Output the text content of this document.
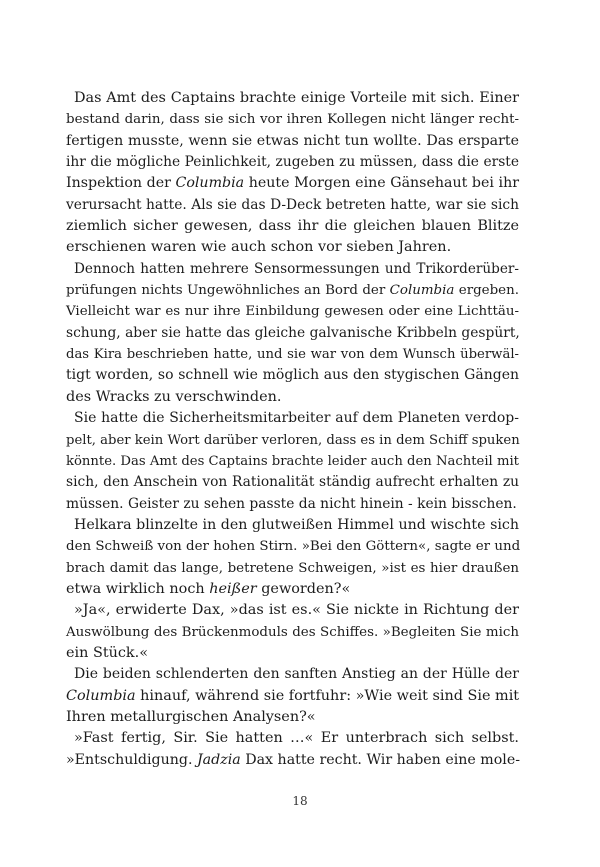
Das Amt des Captains brachte einige Vorteile mit sich. Einer
bestand darin, dass sie sich vor ihren Kollegen nicht länger recht-
fertigen musste, wenn sie etwas nicht tun wollte. Das ersparte
ihr die mögliche Peinlichkeit, zugeben zu müssen, dass die erste
Inspektion der Columbia heute Morgen eine Gänsehaut bei ihr
verursacht hatte. Als sie das D-Deck betreten hatte, war sie sich
ziemlich sicher gewesen, dass ihr die gleichen blauen Blitze
erschienen waren wie auch schon vor sieben Jahren.
Dennoch hatten mehrere Sensormessungen und Trikorderüber-
prüfungen nichts Ungewöhnliches an Bord der Columbia ergeben.
Vielleicht war es nur ihre Einbildung gewesen oder eine Lichttäu-
schung, aber sie hatte das gleiche galvanische Kribbeln gespürt,
das Kira beschrieben hatte, und sie war von dem Wunsch überwäl-
tigt worden, so schnell wie möglich aus den stygischen Gängen
des Wracks zu verschwinden.
Sie hatte die Sicherheitsmitarbeiter auf dem Planeten verdop-
pelt, aber kein Wort darüber verloren, dass es in dem Schiff spuken
könnte. Das Amt des Captains brachte leider auch den Nachteil mit
sich, den Anschein von Rationalität ständig aufrecht erhalten zu
müssen. Geister zu sehen passte da nicht hinein - kein bisschen.
Helkara blinzelte in den glutweißen Himmel und wischte sich
den Schweiß von der hohen Stirn. »Bei den Göttern«, sagte er und
brach damit das lange, betretene Schweigen, »ist es hier draußen
etwa wirklich noch heißer geworden?«
»Ja«, erwiderte Dax, »das ist es.« Sie nickte in Richtung der
Auswölbung des Brückenmoduls des Schiffes. »Begleiten Sie mich
ein Stück.«
Die beiden schlenderten den sanften Anstieg an der Hülle der
Columbia hinauf, während sie fortfuhr: »Wie weit sind Sie mit
Ihren metallurgischen Analysen?«
»Fast fertig, Sir. Sie hatten …« Er unterbrach sich selbst.
»Entschuldigung. Jadzia Dax hatte recht. Wir haben eine mole-
18
